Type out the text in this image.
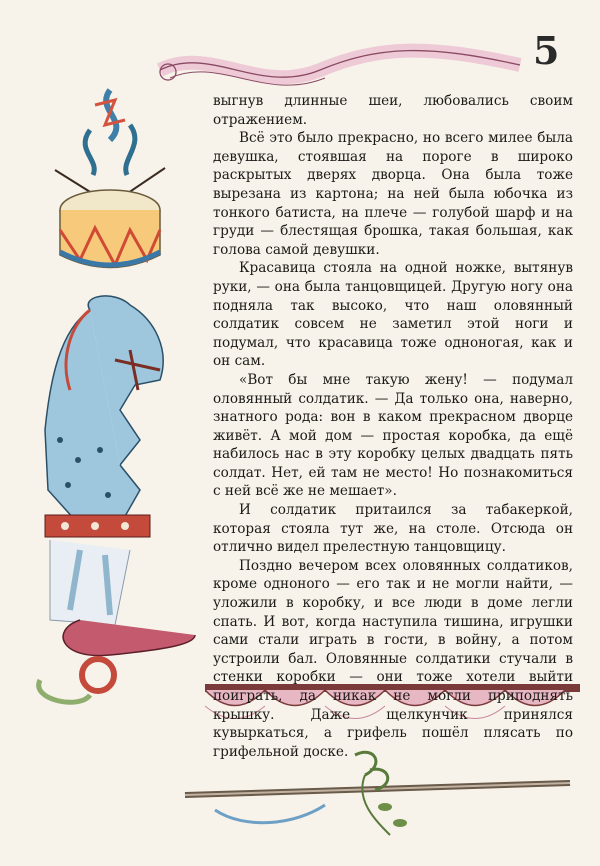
5

выгнув длинные шеи, любовались своим отражением.

Всё это было прекрасно, но всего милее была девушка, стоявшая на пороге в широко раскрытых дверях дворца. Она была тоже вырезана из картона; на ней была юбочка из тонкого батиста, на плече — голубой шарф и на груди — блестящая брошка, такая большая, как голова самой девушки.

Красавица стояла на одной ножке, вытянув руки, — она была танцовщицей. Другую ногу она подняла так высоко, что наш оловянный солдатик совсем не заметил этой ноги и подумал, что красавица тоже одноногая, как и он сам.

«Вот бы мне такую жену! — подумал оловянный солдатик. — Да только она, наверно, знатного рода: вон в каком прекрасном дворце живёт. А мой дом — простая коробка, да ещё набилось нас в эту коробку целых двадцать пять солдат. Нет, ей там не место! Но познакомиться с ней всё же не мешает».

И солдатик притаился за табакеркой, которая стояла тут же, на столе. Отсюда он отлично видел прелестную танцовщицу.

Поздно вечером всех оловянных солдатиков, кроме одноного — его так и не могли найти, — уложили в коробку, и все люди в доме легли спать. И вот, когда наступила тишина, игрушки сами стали играть в гости, в войну, а потом устроили бал. Оловянные солдатики стучали в стенки коробки — они тоже хотели выйти поиграть, да никак не могли приподнять крышку. Даже щелкунчик принялся кувыркаться, а грифель пошёл плясать по грифельной доске.
